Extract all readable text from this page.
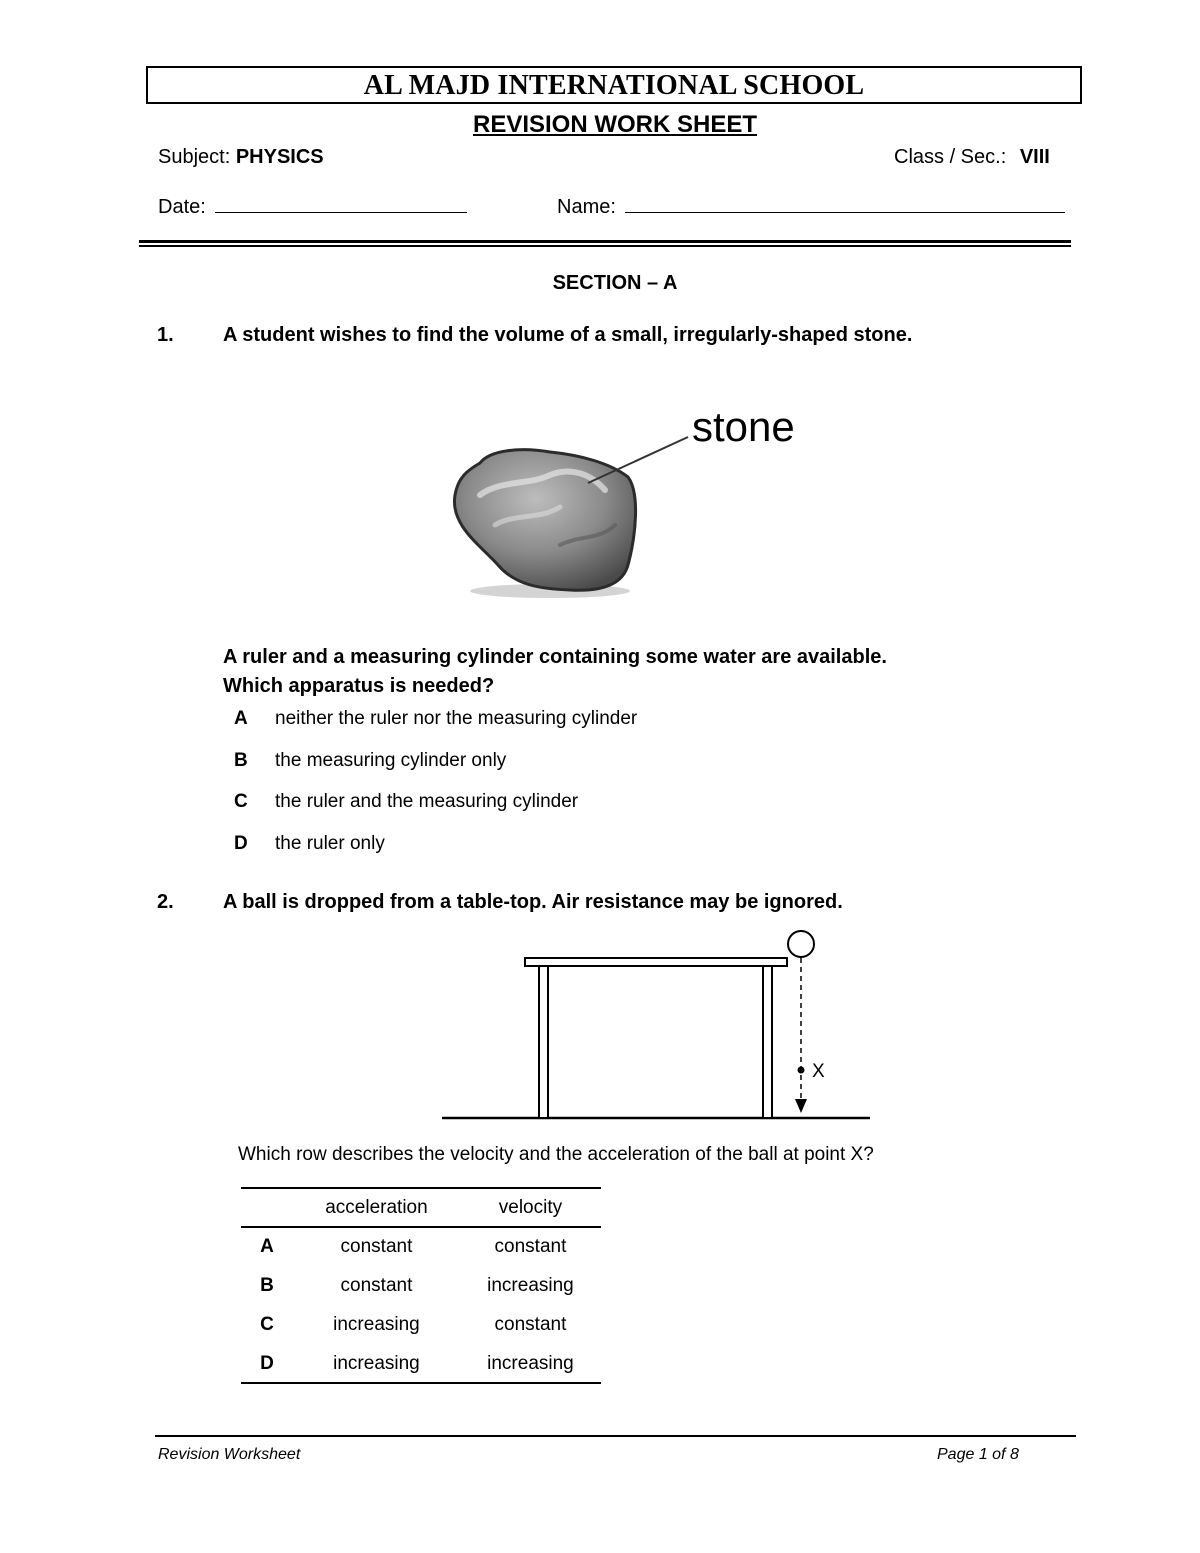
AL MAJD INTERNATIONAL SCHOOL
REVISION WORK SHEET
Subject: PHYSICS	Class / Sec.: VIII
Date:	Name:
SECTION – A
1. A student wishes to find the volume of a small, irregularly-shaped stone.
stone
A ruler and a measuring cylinder containing some water are available.
Which apparatus is needed?
A neither the ruler nor the measuring cylinder
B the measuring cylinder only
C the ruler and the measuring cylinder
D the ruler only
2. A ball is dropped from a table-top. Air resistance may be ignored.
X
Which row describes the velocity and the acceleration of the ball at point X?
	acceleration	velocity
A	constant	constant
B	constant	increasing
C	increasing	constant
D	increasing	increasing
Revision Worksheet	Page 1 of 8
